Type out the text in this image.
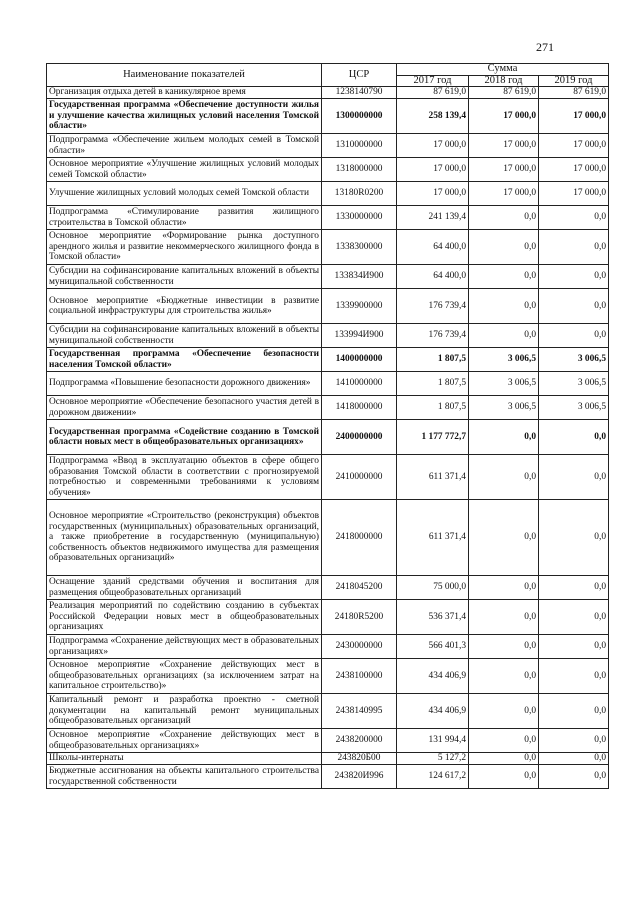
271
Наименование показателей	ЦСР	Сумма		
		2017 год	2018 год	2019 год
Организация отдыха детей в каникулярное время	1238140790	87 619,0	87 619,0	87 619,0
Государственная программа «Обеспечение доступности жилья и улучшение качества жилищных условий населения Томской области»	1300000000	258 139,4	17 000,0	17 000,0
Подпрограмма «Обеспечение жильем молодых семей в Томской области»	1310000000	17 000,0	17 000,0	17 000,0
Основное мероприятие «Улучшение жилищных условий молодых семей Томской области»	1318000000	17 000,0	17 000,0	17 000,0
Улучшение жилищных условий молодых семей Томской области	13180R0200	17 000,0	17 000,0	17 000,0
Подпрограмма «Стимулирование развития жилищного строительства в Томской области»	1330000000	241 139,4	0,0	0,0
Основное мероприятие «Формирование рынка доступного арендного жилья и развитие некоммерческого жилищного фонда в Томской области»	1338300000	64 400,0	0,0	0,0
Субсидии на софинансирование капитальных вложений в объекты муниципальной собственности	133834И900	64 400,0	0,0	0,0
Основное мероприятие «Бюджетные инвестиции в развитие социальной инфраструктуры для строительства жилья»	1339900000	176 739,4	0,0	0,0
Субсидии на софинансирование капитальных вложений в объекты муниципальной собственности	133994И900	176 739,4	0,0	0,0
Государственная программа «Обеспечение безопасности населения Томской области»	1400000000	1 807,5	3 006,5	3 006,5
Подпрограмма «Повышение безопасности дорожного движения»	1410000000	1 807,5	3 006,5	3 006,5
Основное мероприятие «Обеспечение безопасного участия детей в дорожном движении»	1418000000	1 807,5	3 006,5	3 006,5
Государственная программа «Содействие созданию в Томской области новых мест в общеобразовательных организациях»	2400000000	1 177 772,7	0,0	0,0
Подпрограмма «Ввод в эксплуатацию объектов в сфере общего образования Томской области в соответствии с прогнозируемой потребностью и современными требованиями к условиям обучения»	2410000000	611 371,4	0,0	0,0
Основное мероприятие «Строительство (реконструкция) объектов государственных (муниципальных) образовательных организаций, а также приобретение в государственную (муниципальную) собственность объектов недвижимого имущества для размещения образовательных организаций»	2418000000	611 371,4	0,0	0,0
Оснащение зданий средствами обучения и воспитания для размещения общеобразовательных организаций	2418045200	75 000,0	0,0	0,0
Реализация мероприятий по содействию созданию в субъектах Российской Федерации новых мест в общеобразовательных организациях	24180R5200	536 371,4	0,0	0,0
Подпрограмма «Сохранение действующих мест в образовательных организациях»	2430000000	566 401,3	0,0	0,0
Основное мероприятие «Сохранение действующих мест в общеобразовательных организациях (за исключением затрат на капитальное строительство)»	2438100000	434 406,9	0,0	0,0
Капитальный ремонт и разработка проектно - сметной документации на капитальный ремонт муниципальных общеобразовательных организаций	2438140995	434 406,9	0,0	0,0
Основное мероприятие «Сохранение действующих мест в общеобразовательных организациях»	2438200000	131 994,4	0,0	0,0
Школы-интернаты	243820Б00	5 127,2	0,0	0,0
Бюджетные ассигнования на объекты капитального строительства государственной собственности	243820И996	124 617,2	0,0	0,0
